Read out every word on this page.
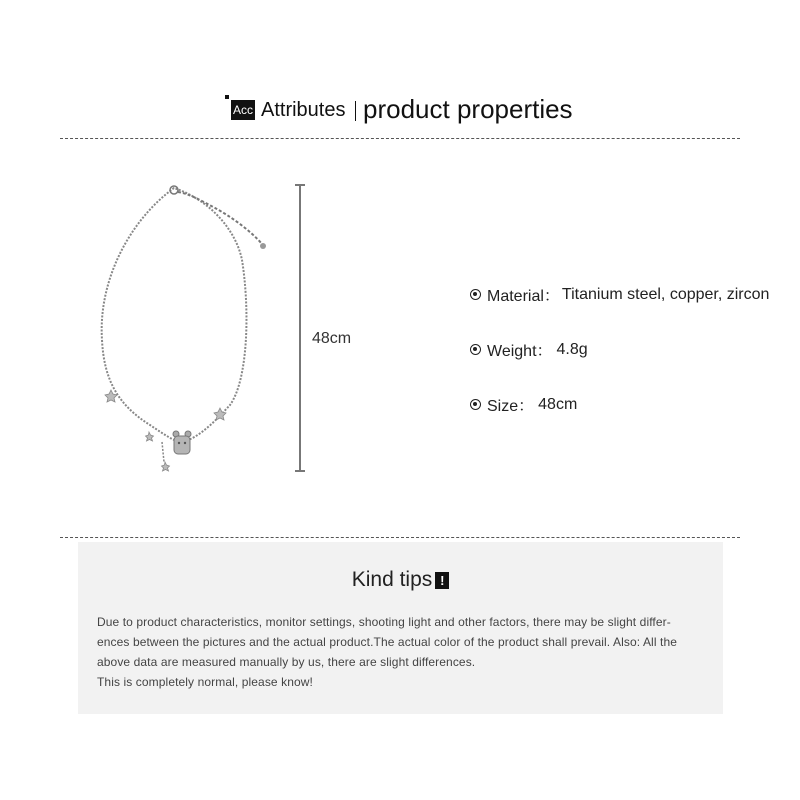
Acc Attributes product properties
48cm
Material： Titanium steel, copper, zircon
Weight： 4.8g
Size： 48cm
Kind tips !
Due to product characteristics, monitor settings, shooting light and other factors, there may be slight differ-
ences between the pictures and the actual product.The actual color of the product shall prevail. Also: All the
above data are measured manually by us, there are slight differences.
This is completely normal, please know!
